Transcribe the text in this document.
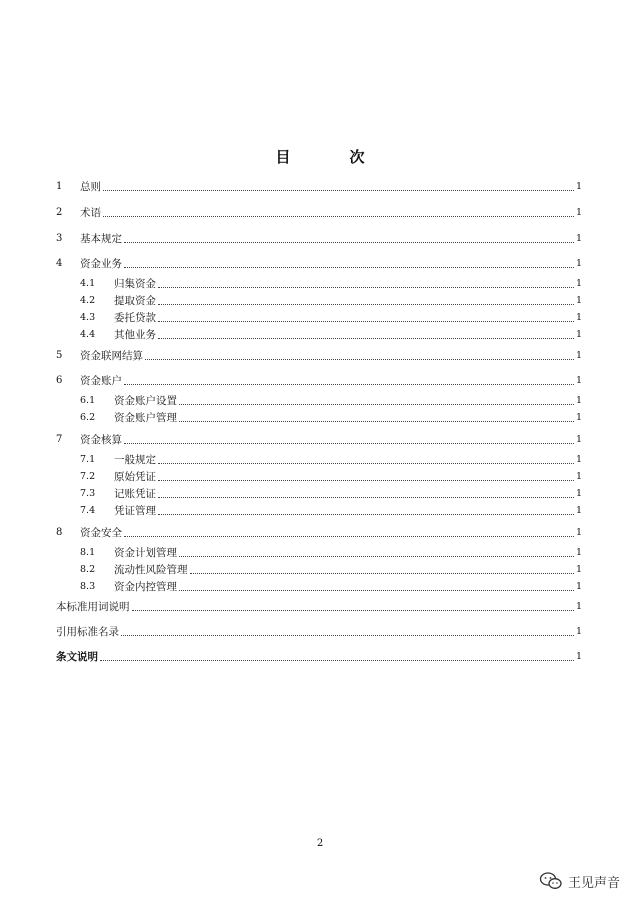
目　次
1	总则	1
2	术语	1
3	基本规定	1
4	资金业务	1
4.1	归集资金	1
4.2	提取资金	1
4.3	委托贷款	1
4.4	其他业务	1
5	资金联网结算	1
6	资金账户	1
6.1	资金账户设置	1
6.2	资金账户管理	1
7	资金核算	1
7.1	一般规定	1
7.2	原始凭证	1
7.3	记账凭证	1
7.4	凭证管理	1
8	资金安全	1
8.1	资金计划管理	1
8.2	流动性风险管理	1
8.3	资金内控管理	1
本标准用词说明	1
引用标准名录	1
条文说明	1
2
王见声音
